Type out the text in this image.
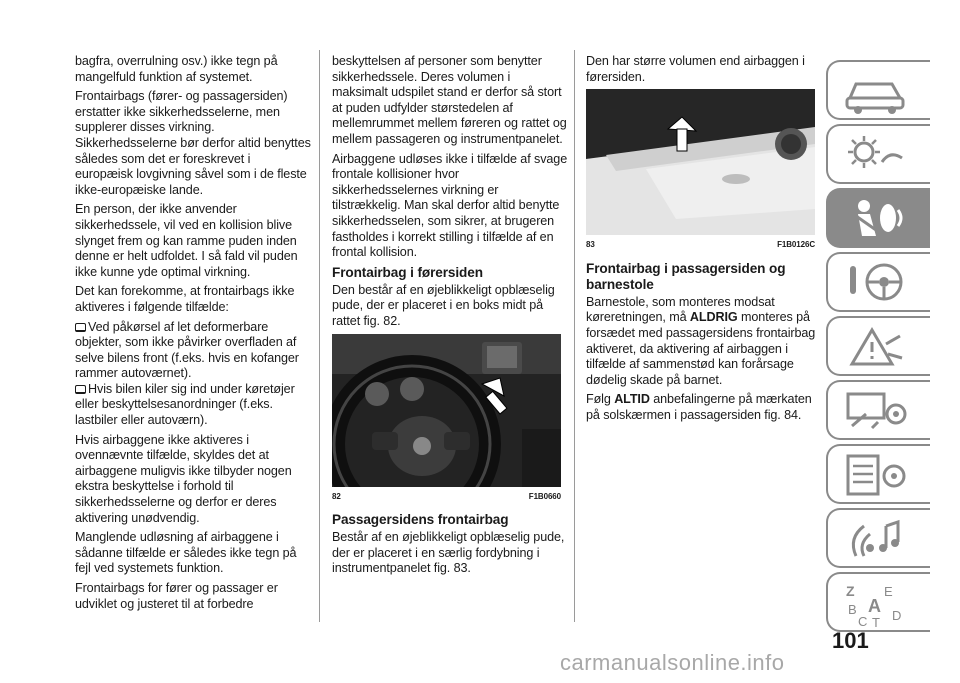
bagfra, overrulning osv.) ikke tegn på mangelfuld funktion af systemet.

Frontairbags (fører- og passagersiden) erstatter ikke sikkerhedsselerne, men supplerer disses virkning. Sikkerhedsselerne bør derfor altid benyttes således som det er foreskrevet i europæisk lovgivning såvel som i de fleste ikke-europæiske lande.

En person, der ikke anvender sikkerhedssele, vil ved en kollision blive slynget frem og kan ramme puden inden denne er helt udfoldet. I så fald vil puden ikke kunne yde optimal virkning.

Det kan forekomme, at frontairbags ikke aktiveres i følgende tilfælde:

Ved påkørsel af let deformerbare objekter, som ikke påvirker overfladen af selve bilens front (f.eks. hvis en kofanger rammer autoværnet).

Hvis bilen kiler sig ind under køretøjer eller beskyttelsesanordninger (f.eks. lastbiler eller autoværn).

Hvis airbaggene ikke aktiveres i ovennævnte tilfælde, skyldes det at airbaggene muligvis ikke tilbyder nogen ekstra beskyttelse i forhold til sikkerhedsselerne og derfor er deres aktivering unødvendig.

Manglende udløsning af airbaggene i sådanne tilfælde er således ikke tegn på fejl ved systemets funktion.

Frontairbags for fører og passager er udviklet og justeret til at forbedre

beskyttelsen af personer som benytter sikkerhedsselе. Deres volumen i maksimalt udspilet stand er derfor så stort at puden udfylder størstedelen af mellemrummet mellem føreren og rattet og mellem passageren og instrumentpanelet.

Airbaggene udløses ikke i tilfælde af svage frontale kollisioner hvor sikkerhedsselernes virkning er tilstrækkelig. Man skal derfor altid benytte sikkerhedsselen, som sikrer, at brugeren fastholdes i korrekt stilling i tilfælde af en frontal kollision.

Frontairbag i førersiden

Den består af en øjeblikkeligt opblæselig pude, der er placeret i en boks midt på rattet fig. 82.

82	F1B0660
Passagersidens frontairbag

Består af en øjeblikkeligt opblæselig pude, der er placeret i en særlig fordybning i instrumentpanelet fig. 83.

Den har større volumen end airbaggen i førersiden.

83	F1B0126C
Frontairbag i passagersiden og barnestole

Barnestole, som monteres modsat køreretningen, må ALDRIG monteres på forsædet med passagersidens frontairbag aktiveret, da aktivering af airbaggen i tilfælde af sammenstød kan forårsage dødelig skade på barnet.

Følg ALTID anbefalingerne på mærkaten på solskærmen i passagersiden fig. 84.

Z E
B A D
C T
101
carmanualsonline.info
